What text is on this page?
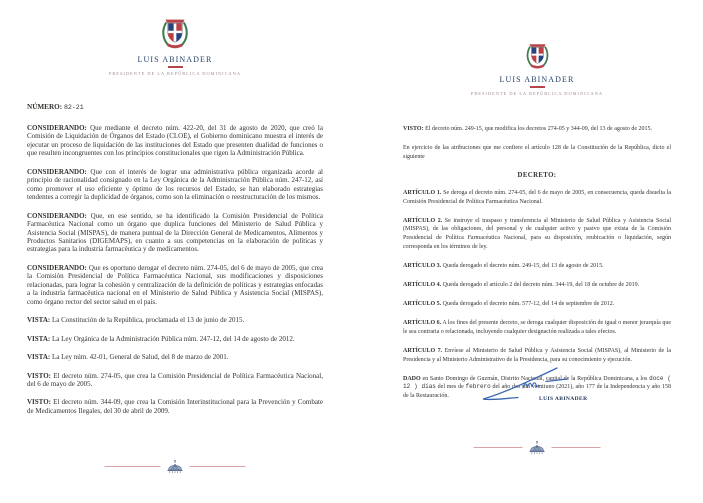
LUIS ABINADER
PRESIDENTE DE LA REPÚBLICA DOMINICANA

NÚMERO: 82-21

CONSIDERANDO: Que mediante el decreto núm. 422-20, del 31 de agosto de 2020, que creó la Comisión de Liquidación de Órganos del Estado (CLOE), el Gobierno dominicano muestra el interés de ejecutar un proceso de liquidación de las instituciones del Estado que presenten dualidad de funciones o que resulten incongruentes con los principios constitucionales que rigen la Administración Pública.

CONSIDERANDO: Que con el interés de lograr una administrativa pública organizada acorde al principio de racionalidad consignado en la Ley Orgánica de la Administración Pública núm. 247-12, así como promover el uso eficiente y óptimo de los recursos del Estado, se han elaborado estrategias tendentes a corregir la duplicidad de órganos, como son la eliminación o reestructuración de los mismos.

CONSIDERANDO: Que, en ese sentido, se ha identificado la Comisión Presidencial de Política Farmacéutica Nacional como un órgano que duplica funciones del Ministerio de Salud Pública y Asistencia Social (MISPAS), de manera puntual de la Dirección General de Medicamentos, Alimentos y Productos Sanitarios (DIGEMAPS), en cuanto a sus competencias en la elaboración de políticas y estrategias para la industria farmacéutica y de medicamentos.

CONSIDERANDO: Que es oportuno derogar el decreto núm. 274-05, del 6 de mayo de 2005, que crea la Comisión Presidencial de Política Farmacéutica Nacional, sus modificaciones y disposiciones relacionadas, para lograr la cohesión y centralización de la definición de políticas y estrategias enfocadas a la industria farmacéutica nacional en el Ministerio de Salud Pública y Asistencia Social (MISPAS), como órgano rector del sector salud en el país.

VISTA: La Constitución de la República, proclamada el 13 de junio de 2015.

VISTA: La Ley Orgánica de la Administración Pública núm. 247-12, del 14 de agosto de 2012.

VISTA: La Ley núm. 42-01, General de Salud, del 8 de marzo de 2001.

VISTO: El decreto núm. 274-05, que crea la Comisión Presidencial de Política Farmacéutica Nacional, del 6 de mayo de 2005.

VISTO: El decreto núm. 344-09, que crea la Comisión Interinstitucional para la Prevención y Combate de Medicamentos Ilegales, del 30 de abril de 2009.

LUIS ABINADER
PRESIDENTE DE LA REPÚBLICA DOMINICANA

VISTO: El decreto núm. 249-15, que modifica los decretos 274-05 y 344-09, del 13 de agosto de 2015.

En ejercicio de las atribuciones que me confiere el artículo 128 de la Constitución de la República, dicto el siguiente

DECRETO:

ARTÍCULO 1. Se deroga el decreto núm. 274-05, del 6 de mayo de 2005, en consecuencia, queda disuelta la Comisión Presidencial de Política Farmacéutica Nacional.

ARTÍCULO 2. Se instruye el traspaso y transferencia al Ministerio de Salud Pública y Asistencia Social (MISPAS), de las obligaciones, del personal y de cualquier activo y pasivo que exista de la Comisión Presidencial de Política Farmacéutica Nacional, para su disposición, reubicación o liquidación, según corresponda en los términos de ley.

ARTÍCULO 3. Queda derogado el decreto núm. 249-15, del 13 de agosto de 2015.

ARTÍCULO 4. Queda derogado el artículo 2 del decreto núm. 344-19, del 18 de octubre de 2019.

ARTÍCULO 5. Queda derogado el decreto núm. 577-12, del 14 de septiembre de 2012.

ARTÍCULO 6. A los fines del presente decreto, se deroga cualquier disposición de igual o menor jerarquía que le sea contraria o relacionada, incluyendo cualquier designación realizada a tales efectos.

ARTÍCULO 7. Envíese al Ministerio de Salud Pública y Asistencia Social (MISPAS), al Ministerio de la Presidencia y al Ministerio Administrativo de la Presidencia, para su conocimiento y ejecución.

DADO en Santo Domingo de Guzmán, Distrito Nacional, capital de la República Dominicana, a los doce ( 12 ) días del mes de febrero del año dos mil veintiuno (2021), año 177 de la Independencia y año 158 de la Restauración.	LUIS ABINADER
